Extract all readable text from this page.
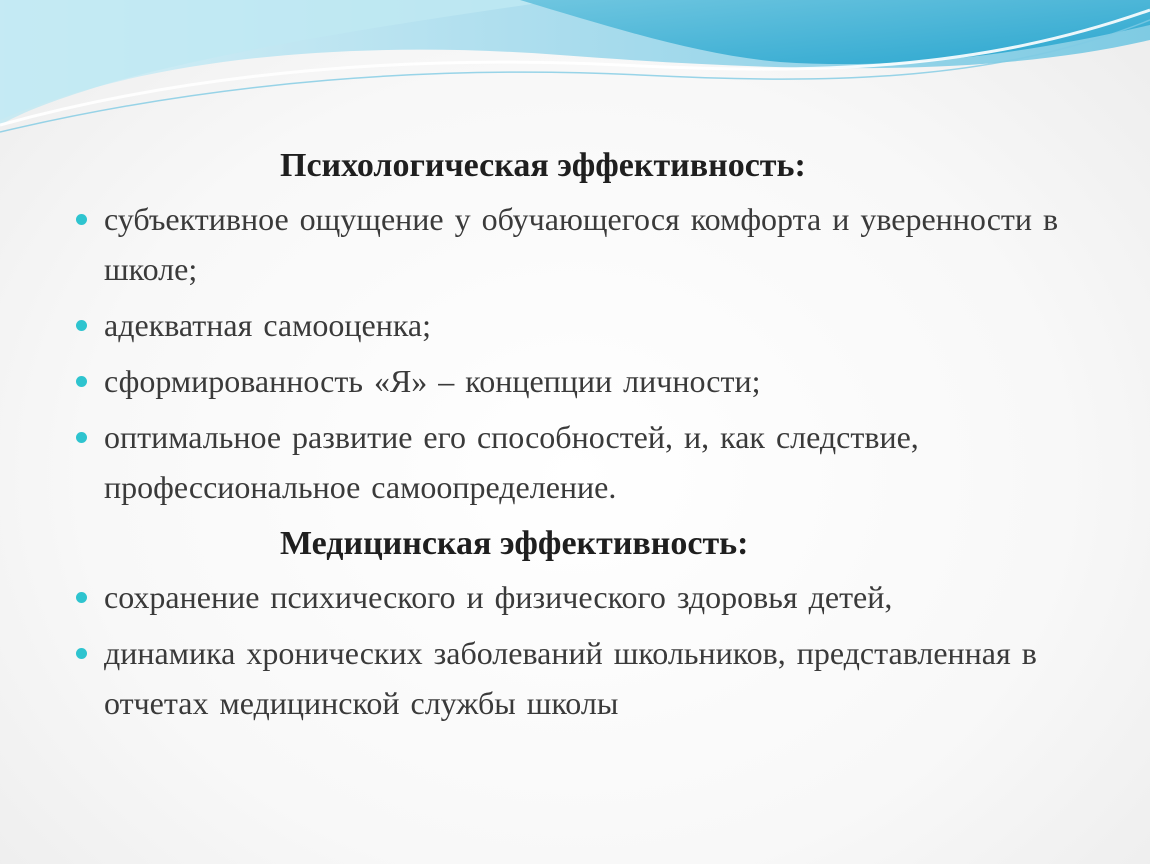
Психологическая эффективность:
субъективное ощущение у обучающегося комфорта и уверенности в школе;
адекватная самооценка;
сформированность «Я» – концепции личности;
оптимальное развитие его способностей, и, как следствие, профессиональное самоопределение.
Медицинская эффективность:
сохранение психического и физического здоровья детей,
динамика хронических заболеваний школьников, представленная в отчетах медицинской службы школы
